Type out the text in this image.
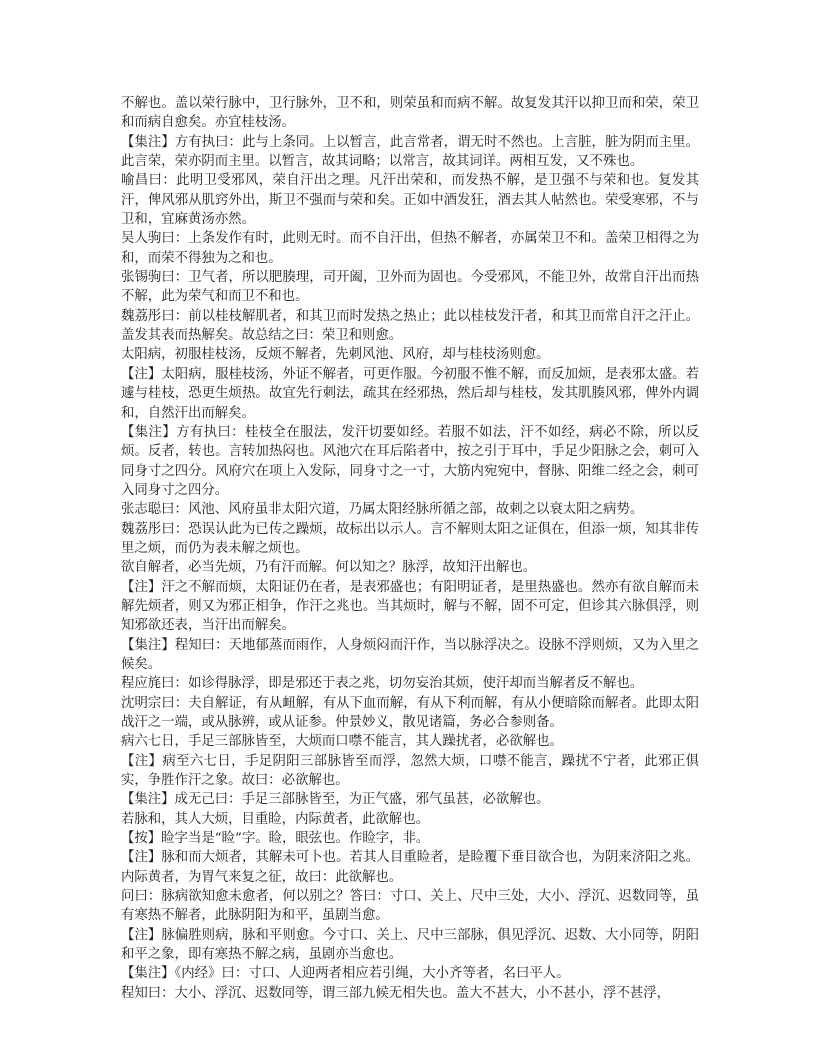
不解也。盖以荣行脉中，卫行脉外，卫不和，则荣虽和而病不解。故复发其汗以抑卫而和荣，荣卫和而病自愈矣。亦宜桂枝汤。

【集注】方有执曰：此与上条同。上以暂言，此言常者，谓无时不然也。上言脏，脏为阴而主里。此言荣，荣亦阴而主里。以暂言，故其词略；以常言，故其词详。两相互发，又不殊也。

喻昌曰：此明卫受邪风，荣自汗出之理。凡汗出荣和，而发热不解，是卫强不与荣和也。复发其汗，俾风邪从肌窍外出，斯卫不强而与荣和矣。正如中酒发狂，酒去其人帖然也。荣受寒邪，不与卫和，宜麻黄汤亦然。

吴人驹曰：上条发作有时，此则无时。而不自汗出，但热不解者，亦属荣卫不和。盖荣卫相得之为和，而荣不得独为之和也。

张锡驹曰：卫气者，所以肥腠理，司开阖，卫外而为固也。今受邪风，不能卫外，故常自汗出而热不解，此为荣气和而卫不和也。

魏荔彤曰：前以桂枝解肌者，和其卫而时发热之热止；此以桂枝发汗者，和其卫而常自汗之汗止。盖发其表而热解矣。故总结之曰：荣卫和则愈。

太阳病，初服桂枝汤，反烦不解者，先刺风池、风府，却与桂枝汤则愈。

【注】太阳病，服桂枝汤，外证不解者，可更作服。今初服不惟不解，而反加烦，是表邪太盛。若遽与桂枝，恐更生烦热。故宜先行刺法，疏其在经邪热，然后却与桂枝，发其肌腠风邪，俾外内调和，自然汗出而解矣。

【集注】方有执曰：桂枝全在服法，发汗切要如经。若服不如法，汗不如经，病必不除，所以反烦。反者，转也。言转加热闷也。风池穴在耳后陷者中，按之引于耳中，手足少阳脉之会，刺可入同身寸之四分。风府穴在项上入发际，同身寸之一寸，大筋内宛宛中，督脉、阳维二经之会，刺可入同身寸之四分。

张志聪曰：风池、风府虽非太阳穴道，乃属太阳经脉所循之部，故刺之以衰太阳之病势。

魏荔彤曰：恐误认此为已传之躁烦，故标出以示人。言不解则太阳之证俱在，但添一烦，知其非传里之烦，而仍为表未解之烦也。

欲自解者，必当先烦，乃有汗而解。何以知之？脉浮，故知汗出解也。

【注】汗之不解而烦，太阳证仍在者，是表邪盛也；有阳明证者，是里热盛也。然亦有欲自解而未解先烦者，则又为邪正相争，作汗之兆也。当其烦时，解与不解，固不可定，但诊其六脉俱浮，则知邪欲还表，当汗出而解矣。

【集注】程知曰：天地郁蒸而雨作，人身烦闷而汗作，当以脉浮决之。设脉不浮则烦，又为入里之候矣。

程应旄曰：如诊得脉浮，即是邪还于表之兆，切勿妄治其烦，使汗却而当解者反不解也。

沈明宗曰：夫自解证，有从衄解，有从下血而解，有从下利而解，有从小便暗除而解者。此即太阳战汗之一端，或从脉辨，或从证参。仲景妙义，散见诸篇，务必合参则备。

病六七日，手足三部脉皆至，大烦而口噤不能言，其人躁扰者，必欲解也。

【注】病至六七日，手足阴阳三部脉皆至而浮，忽然大烦，口噤不能言，躁扰不宁者，此邪正俱实，争胜作汗之象。故曰：必欲解也。

【集注】成无己曰：手足三部脉皆至，为正气盛，邪气虽甚，必欲解也。

若脉和，其人大烦，目重睑，内际黄者，此欲解也。

【按】睑字当是“睑”字。睑，眼弦也。作睑字，非。

【注】脉和而大烦者，其解未可卜也。若其人目重睑者，是睑覆下垂目欲合也，为阴来济阳之兆。内际黄者，为胃气来复之征，故曰：此欲解也。

问曰：脉病欲知愈未愈者，何以别之？答曰：寸口、关上、尺中三处，大小、浮沉、迟数同等，虽有寒热不解者，此脉阴阳为和平，虽剧当愈。

【注】脉偏胜则病，脉和平则愈。今寸口、关上、尺中三部脉，俱见浮沉、迟数、大小同等，阴阳和平之象，即有寒热不解之病，虽剧亦当愈也。

【集注】《内经》曰：寸口、人迎两者相应若引绳，大小齐等者，名曰平人。

程知曰：大小、浮沉、迟数同等，谓三部九候无相失也。盖大不甚大，小不甚小，浮不甚浮，
